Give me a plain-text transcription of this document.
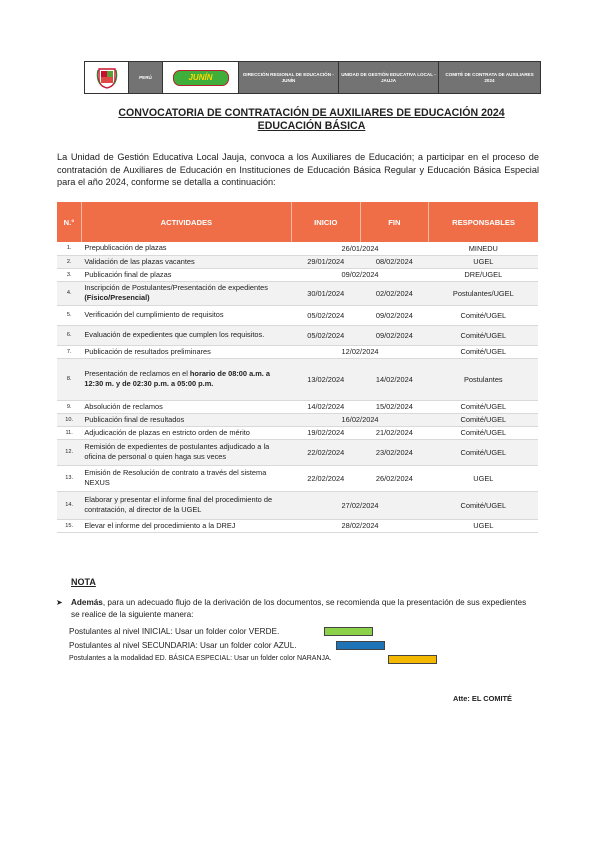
PERÚ	JUNÍN	DIRECCIÓN REGIONAL DE EDUCACIÓN - JUNÍN
UNIDAD DE GESTIÓN EDUCATIVA LOCAL - JAUJA
COMITÉ DE CONTRATA DE AUXILIARES 2024
CONVOCATORIA DE CONTRATACIÓN DE AUXILIARES DE EDUCACIÓN 2024
EDUCACIÓN BÁSICA
La Unidad de Gestión Educativa Local Jauja, convoca a los Auxiliares de Educación; a participar en el proceso de contratación de Auxiliares de Educación en Instituciones de Educación Básica Regular y Educación Básica Especial para el año 2024, conforme se detalla a continuación:
N.°	ACTIVIDADES	INICIO	FIN	RESPONSABLES
1.	Prepublicación de plazas	26/01/2024		MINEDU
2.	Validación de las plazas vacantes	29/01/2024	08/02/2024	UGEL
3.	Publicación final de plazas	09/02/2024		DRE/UGEL
4.	Inscripción de Postulantes/Presentación de expedientes
(Físico/Presencial)	30/01/2024	02/02/2024	Postulantes/UGEL
5.	Verificación del cumplimiento de requisitos	05/02/2024	09/02/2024	Comité/UGEL
6.	Evaluación de expedientes que cumplen los requisitos.	05/02/2024	09/02/2024	Comité/UGEL
7.	Publicación de resultados preliminares	12/02/2024		Comité/UGEL
8.	Presentación de reclamos en el horario de 08:00 a.m. a 12:30 m. y de 02:30 p.m. a 05:00 p.m.	13/02/2024	14/02/2024	Postulantes
9.	Absolución de reclamos	14/02/2024	15/02/2024	Comité/UGEL
10.	Publicación final de resultados	16/02/2024		Comité/UGEL
11.	Adjudicación de plazas en estricto orden de mérito	19/02/2024	21/02/2024	Comité/UGEL
12.	Remisión de expedientes de postulantes adjudicado a la oficina de personal o quien haga sus veces	22/02/2024	23/02/2024	Comité/UGEL
13.	Emisión de Resolución de contrato a través del sistema NEXUS	22/02/2024	26/02/2024	UGEL
14.	Elaborar y presentar el informe final del procedimiento de contratación, al director de la UGEL	27/02/2024		Comité/UGEL
15.	Elevar el informe del procedimiento a la DREJ	28/02/2024		UGEL
NOTA
➤ Además, para un adecuado flujo de la derivación de los documentos, se recomienda que la presentación de sus expedientes se realice de la siguiente manera:
Postulantes al nivel INICIAL: Usar un folder color VERDE.
Postulantes al nivel SECUNDARIA: Usar un folder color AZUL.
Postulantes a la modalidad ED. BÁSICA ESPECIAL: Usar un folder color NARANJA.
Atte: EL COMITÉ
